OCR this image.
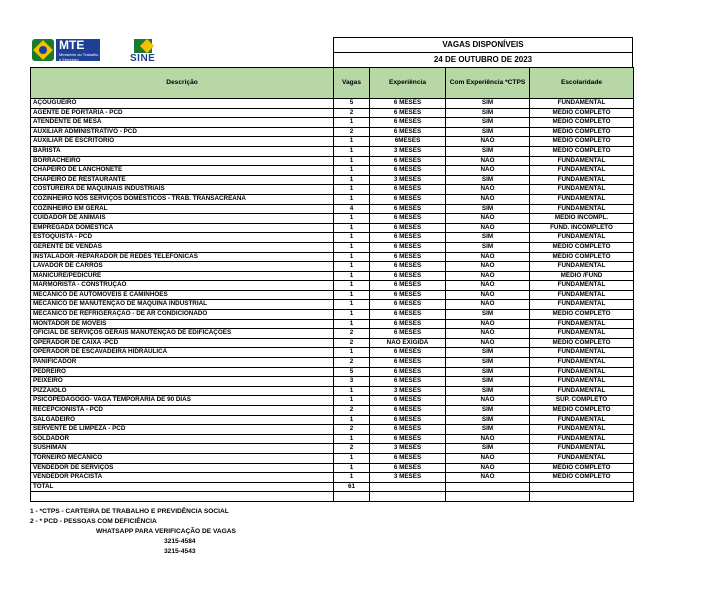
MTE
Ministério do Trabalho e Emprego	SINE
VAGAS DISPONÍVEIS
24 DE OUTUBRO DE 2023
Descrição	Vagas	Experiência	Com Experiência *CTPS	Escolaridade
AÇOUGUEIRO	5	6 MESES	SIM	FUNDAMENTAL
AGENTE DE PORTARIA - PCD	2	6 MESES	SIM	MÉDIO COMPLETO
ATENDENTE DE MESA	1	6 MESES	SIM	MÉDIO COMPLETO
AUXILIAR ADMINISTRATIVO - PCD	2	6 MESES	SIM	MÉDIO COMPLETO
AUXILIAR DE ESCRITÓRIO	1	6MESES	NÃO	MÉDIO COMPLETO
BARISTA	1	3 MESES	SIM	MÉDIO COMPLETO
BORRACHEIRO	1	6 MESES	NÃO	FUNDAMENTAL
CHAPEIRO DE LANCHONETE	1	6 MESES	NÃO	FUNDAMENTAL
CHAPEIRO DE RESTAURANTE	1	3 MESES	SIM	FUNDAMENTAL
COSTUREIRA DE MÁQUINAIS INDUSTRIAIS	1	6 MESES	NÃO	FUNDAMENTAL
COZINHEIRO NOS SERVIÇOS DOMESTICOS - TRAB. TRANSACREANA	1	6 MESES	NÃO	FUNDAMENTAL
COZINHEIRO EM GERAL	4	6 MESES	SIM	FUNDAMENTAL
CUIDADOR DE ANIMAIS	1	6 MESES	NÃO	MÉDIO INCOMPL.
EMPREGADA DOMÉSTICA	1	6 MESES	NÃO	FUND. INCOMPLETO
ESTOQUISTA - PCD	1	6 MESES	SIM	FUNDAMENTAL
GERENTE DE VENDAS	1	6 MESES	SIM	MÉDIO COMPLETO
INSTALADOR -REPARADOR DE REDES TELEFÔNICAS	1	6 MESES	NÃO	MÉDIO COMPLETO
LAVADOR DE CARROS	1	6 MESES	NÃO	FUNDAMENTAL
MANICURE/PEDICURE	1	6 MESES	NÃO	MÉDIO /FUND
MARMORISTA - CONSTRUÇÃO	1	6 MESES	NÃO	FUNDAMENTAL
MECÂNICO DE AUTOMÓVEIS E CAMINHÕES	1	6 MESES	NÃO	FUNDAMENTAL
MECÂNICO DE MANUTENÇÃO DE MÁQUINA INDUSTRIAL	1	6 MESES	NÃO	FUNDAMENTAL
MECÂNICO DE REFRIGERAÇÃO - DE AR CONDICIONADO	1	6 MESES	SIM	MÉDIO COMPLETO
MONTADOR DE MÓVEIS	1	6 MESES	NÃO	FUNDAMENTAL
OFICIAL DE SERVIÇOS GERAIS MANUTENÇÃO DE EDIFICAÇÕES	2	6 MESES	NÃO	FUNDAMENTAL
OPERADOR DE CAIXA -PCD	2	NÃO EXIGIDA	NÃO	MÉDIO COMPLETO
OPERADOR DE ESCAVADEIRA HIDRÁULICA	1	6 MESES	SIM	FUNDAMENTAL
PANIFICADOR	2	6 MESES	SIM	FUNDAMENTAL
PEDREIRO	5	6 MESES	SIM	FUNDAMENTAL
PEIXEIRO	3	6 MESES	SIM	FUNDAMENTAL
PIZZAIOLO	1	3 MESES	SIM	FUNDAMENTAL
PSICOPEDAGOGO- VAGA TEMPORÁRIA DE 90 DIAS	1	6 MESES	NÃO	SUP. COMPLETO
RECEPCIONISTA - PCD	2	6 MESES	SIM	MÉDIO COMPLETO
SALGADEIRO	1	6 MESES	SIM	FUNDAMENTAL
SERVENTE DE LIMPEZA - PCD	2	6 MESES	SIM	FUNDAMENTAL
SOLDADOR	1	6 MESES	NÃO	FUNDAMENTAL
SUSHIMAN	2	3 MESES	SIM	FUNDAMENTAL
TORNEIRO MECÂNICO	1	6 MESES	NÃO	FUNDAMENTAL
VENDEDOR DE SERVIÇOS	1	6 MESES	NÃO	MÉDIO COMPLETO
VENDEDOR PRACISTA	1	3 MESES	NÃO	MÉDIO COMPLETO
TOTAL	61			

1 - *CTPS - CARTEIRA DE TRABALHO E PREVIDÊNCIA SOCIAL
2 - * PCD - PESSOAS COM DEFICIÊNCIA
WHATSAPP PARA VERIFICAÇÃO DE VAGAS
3215-4584
3215-4543
